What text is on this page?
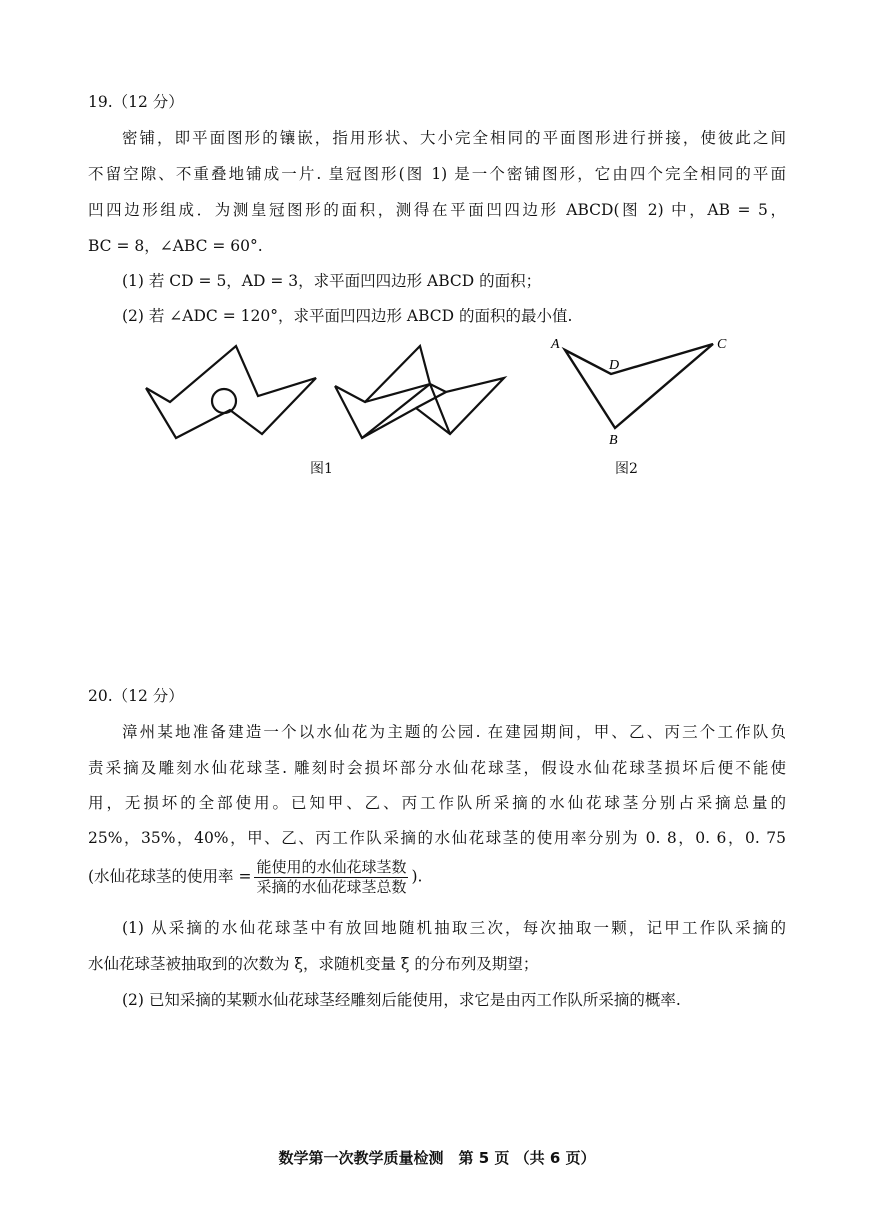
19.（12 分）
密铺，即平面图形的镶嵌，指用形状、大小完全相同的平面图形进行拼接，使彼此之间
不留空隙、不重叠地铺成一片. 皇冠图形(图 1) 是一个密铺图形，它由四个完全相同的平面
凹四边形组成．为测皇冠图形的面积，测得在平面凹四边形 ABCD(图 2) 中，AB = 5，
BC = 8，∠ABC = 60°.
(1) 若 CD = 5，AD = 3，求平面凹四边形 ABCD 的面积；
(2) 若 ∠ADC = 120°，求平面凹四边形 ABCD 的面积的最小值.
图1
A
D
C
B
图2
20.（12 分）
漳州某地准备建造一个以水仙花为主题的公园. 在建园期间，甲、乙、丙三个工作队负
责采摘及雕刻水仙花球茎. 雕刻时会损坏部分水仙花球茎，假设水仙花球茎损坏后便不能使
用，无损坏的全部使用。已知甲、乙、丙工作队所采摘的水仙花球茎分别占采摘总量的
25%，35%，40%，甲、乙、丙工作队采摘的水仙花球茎的使用率分别为 0. 8，0. 6，0. 75
(水仙花球茎的使用率 = $\frac{\text{能使用的水仙花球茎数}}{\text{采摘的水仙花球茎总数}}$ ).
(1) 从采摘的水仙花球茎中有放回地随机抽取三次，每次抽取一颗，记甲工作队采摘的
水仙花球茎被抽取到的次数为 ξ，求随机变量 ξ 的分布列及期望；
(2) 已知采摘的某颗水仙花球茎经雕刻后能使用，求它是由丙工作队所采摘的概率.
数学第一次教学质量检测　第 5 页 （共 6 页）
